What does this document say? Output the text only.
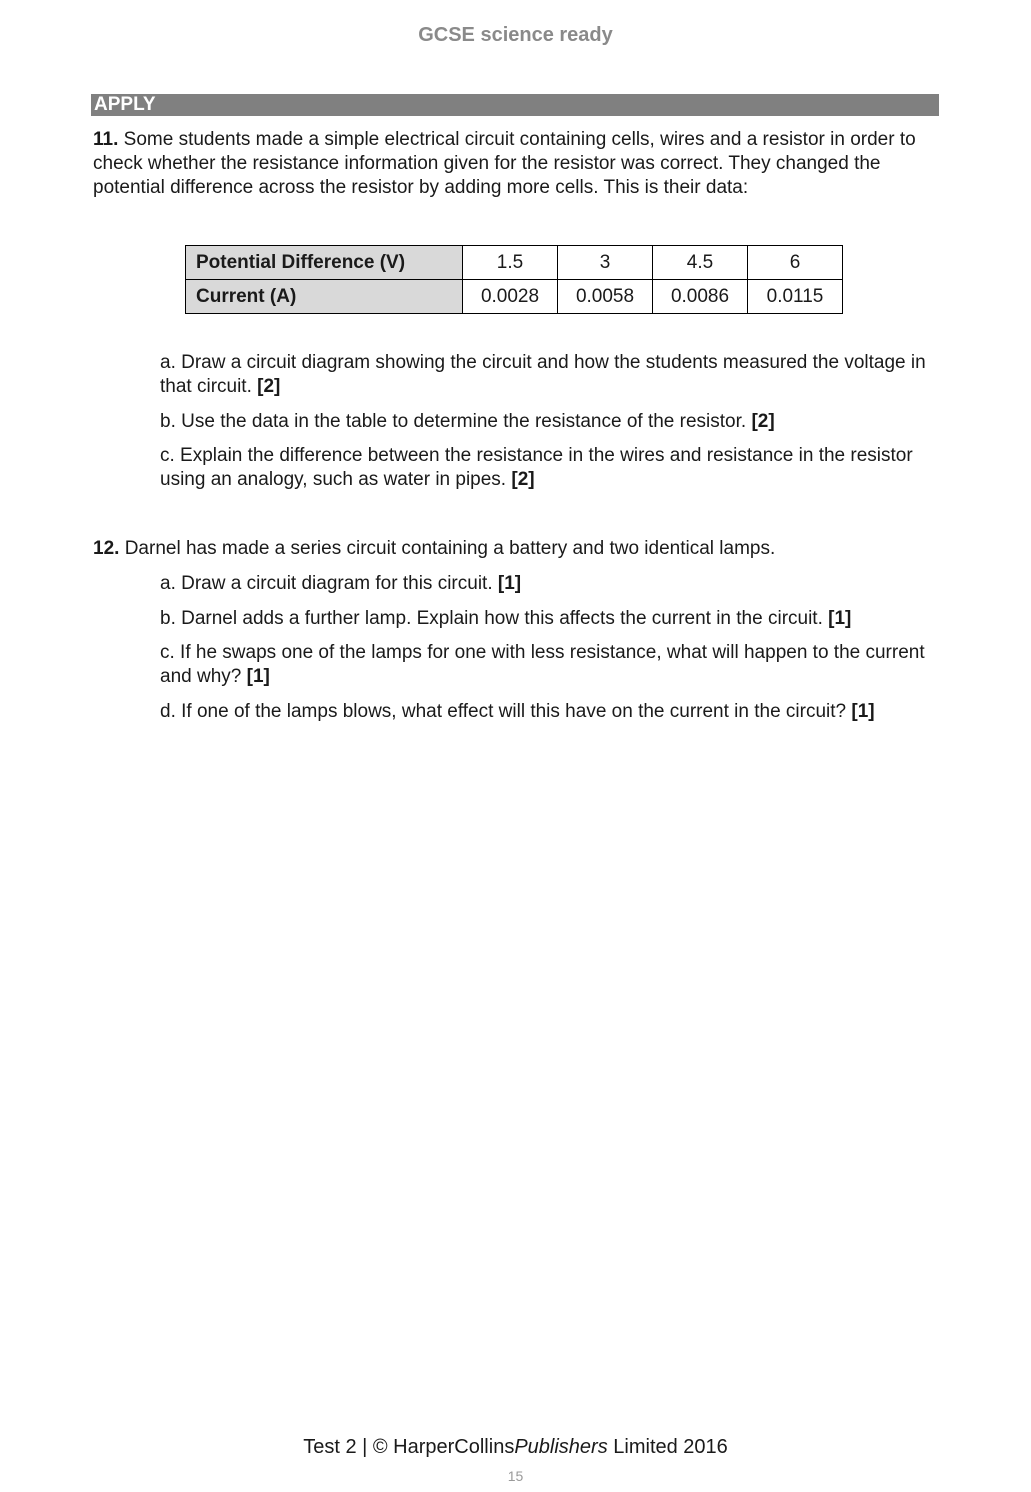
GCSE science ready
APPLY
11. Some students made a simple electrical circuit containing cells, wires and a resistor in order to check whether the resistance information given for the resistor was correct. They changed the potential difference across the resistor by adding more cells. This is their data:
Potential Difference (V)	1.5	3	4.5	6
Current (A)	0.0028	0.0058	0.0086	0.0115
a. Draw a circuit diagram showing the circuit and how the students measured the voltage in that circuit. [2]
b. Use the data in the table to determine the resistance of the resistor. [2]
c. Explain the difference between the resistance in the wires and resistance in the resistor using an analogy, such as water in pipes. [2]
12. Darnel has made a series circuit containing a battery and two identical lamps.
a. Draw a circuit diagram for this circuit. [1]
b. Darnel adds a further lamp. Explain how this affects the current in the circuit. [1]
c. If he swaps one of the lamps for one with less resistance, what will happen to the current and why? [1]
d. If one of the lamps blows, what effect will this have on the current in the circuit? [1]
Test 2 | © HarperCollinsPublishers Limited 2016
15
